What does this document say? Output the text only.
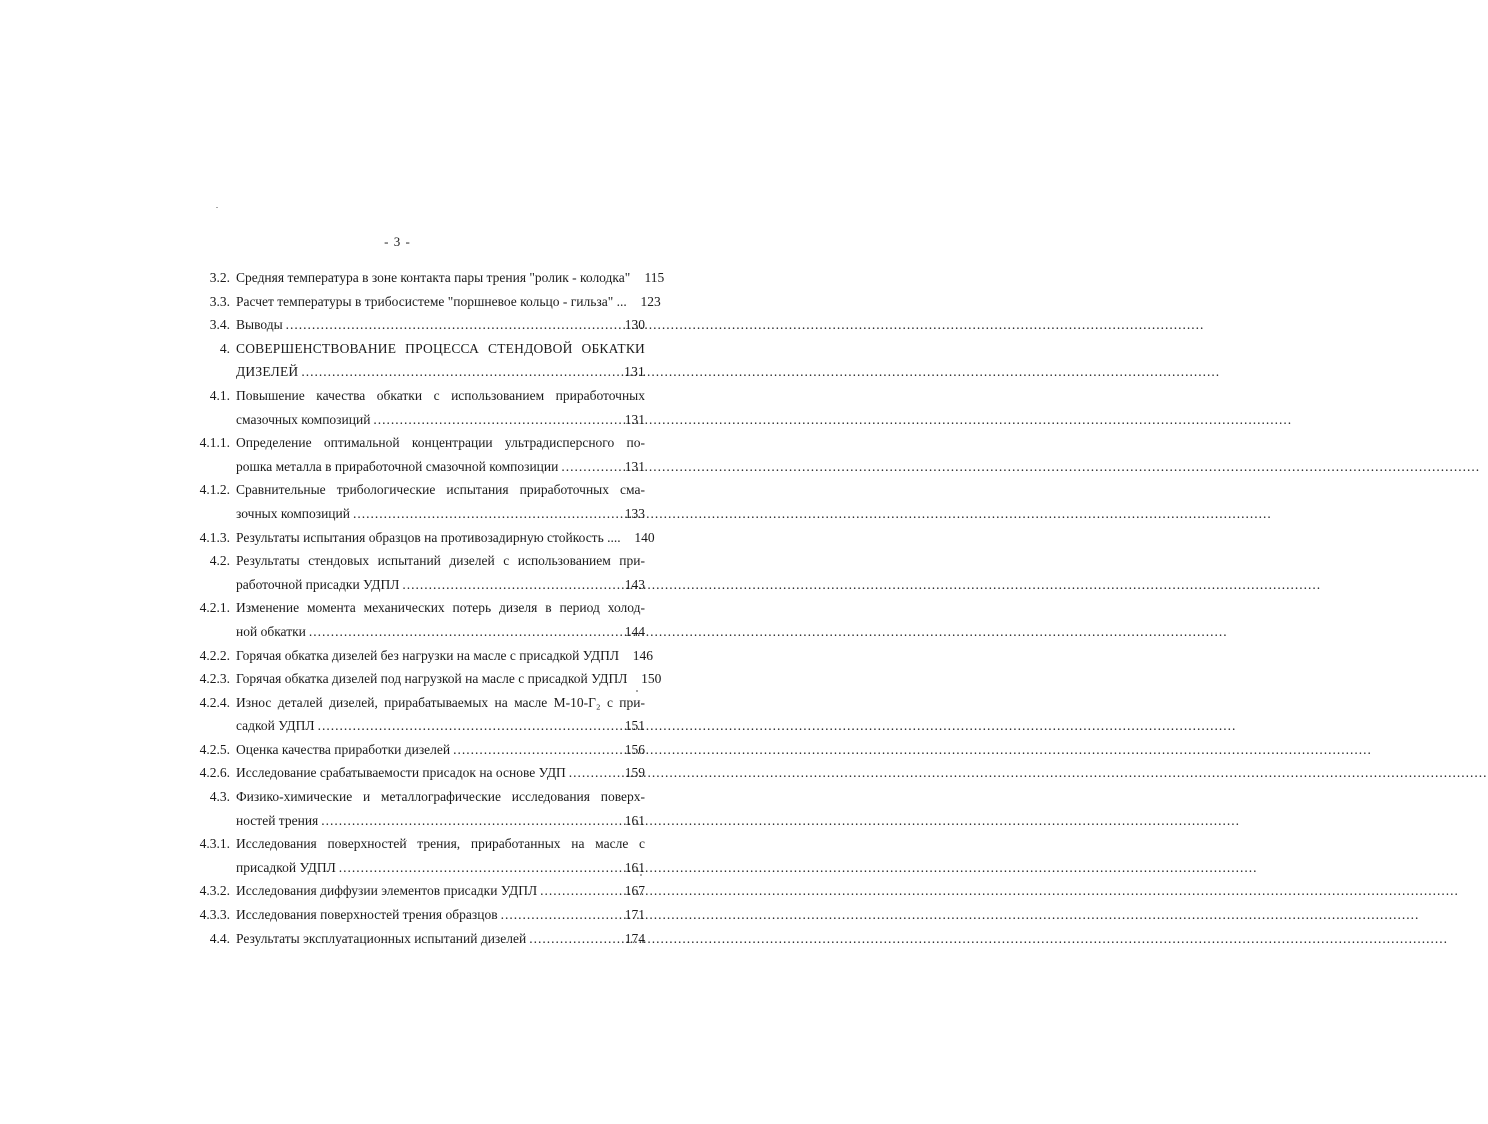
- 3 -
3.2. Средняя температура в зоне контакта пары трения "ролик - колодка"	115
3.3. Расчет температуры в трибосистеме "поршневое кольцо - гильза" ...	123
3.4. Выводы .....	130
4. СОВЕРШЕНСТВОВАНИЕ ПРОЦЕССА СТЕНДОВОЙ ОБКАТКИ
ДИЗЕЛЕЙ .....	131
4.1. Повышение качества обкатки с использованием приработочных
смазочных композиций .....	131
4.1.1. Определение оптимальной концентрации ультрадисперсного по-
рошка металла в приработочной смазочной композиции .....	131
4.1.2. Сравнительные трибологические испытания приработочных сма-
зочных композиций .....	133
4.1.3. Результаты испытания образцов на противозадирную стойкость ....	140
4.2. Результаты стендовых испытаний дизелей с использованием при-
работочной присадки УДПЛ .....	143
4.2.1. Изменение момента механических потерь дизеля в период холод-
ной обкатки .....	144
4.2.2. Горячая обкатка дизелей без нагрузки на масле с присадкой УДПЛ	146
4.2.3. Горячая обкатка дизелей под нагрузкой на масле с присадкой УДПЛ	150
4.2.4. Износ деталей дизелей, прирабатываемых на масле М-10-Г₂ с при-
садкой УДПЛ .....	151
4.2.5. Оценка качества приработки дизелей .....	156
4.2.6. Исследование срабатываемости присадок на основе УДП .....	159
4.3. Физико-химические и металлографические исследования поверх-
ностей трения .....	161
4.3.1. Исследования поверхностей трения, приработанных на масле с
присадкой УДПЛ .....	161
4.3.2. Исследования диффузии элементов присадки УДПЛ .....	167
4.3.3. Исследования поверхностей трения образцов .....	171
4.4. Результаты эксплуатационных испытаний дизелей .....	174
